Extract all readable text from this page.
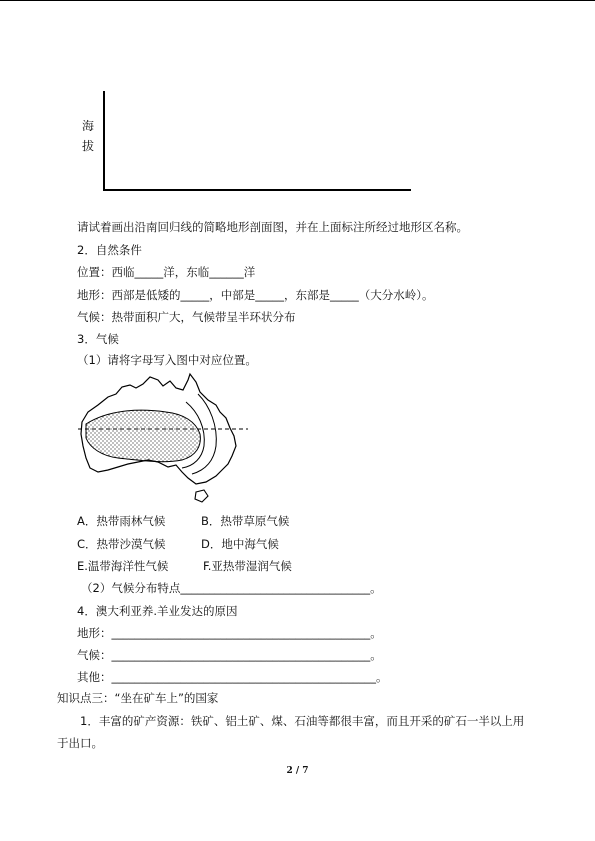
海
拔
请试着画出沿南回归线的简略地形剖面图，并在上面标注所经过地形区名称。
2．自然条件
位置：西临_____洋，东临______洋
地形：西部是低矮的_____，中部是_____，东部是_____（大分水岭）。
气候：热带面积广大，气候带呈半环状分布
3．气候
（1）请将字母写入图中对应位置。
A．热带雨林气候	B．热带草原气候
C．热带沙漠气候	D．地中海气候
E.温带海洋性气候	F.亚热带湿润气候
（2）气候分布特点_________________________________。
4．澳大利亚养.羊业发达的原因
地形：_____________________________________________。
气候：_____________________________________________。
其他：______________________________________________。
知识点三：“坐在矿车上”的国家
1．丰富的矿产资源：铁矿、铝土矿、煤、石油等都很丰富，而且开采的矿石一半以上用
于出口。
2 / 7
